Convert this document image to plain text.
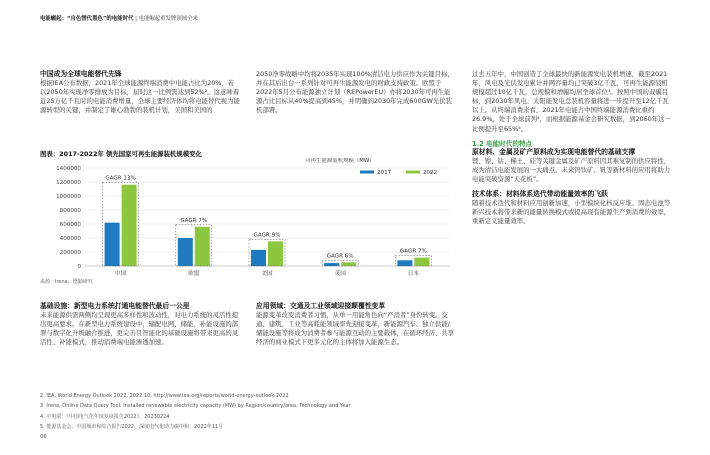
电能崛起：“自色替代黑色”的电能时代 | 电能崛起重发牌领域全来

中国成为全球电能替代先锋

根据IEA公布数据，2021年全球能源终端消费中电能占比为20%，若以2050年实现净零排放为目标，届时这一比例需达到52%²。这意味着近25万亿千瓦时的电能消费增量，全球主要经济体均将电能替代视为能源转型的关键，并制定了雄心勃勃的装机计划，美国和美国的

2050净零战略中均将2035年实现100%清洁电力供应作为关键目标，并在其后出台一系列针对可再生能源发电的财政支持政策。欧盟于2022年5月公布能源独立计划（REPowerEU）亦将2030年可再生能源占比目标从40%提高到45%，并明确到2030年完成600GW光伏装机部署。

过去五年中，中国创造了全球最快的新能源发电装机增速，截至2021年，风电及光伏发电累计并网容量均已突破3亿千瓦，可再生能源装机规模超过10亿千瓦，总规模和增幅均居全球首位³。按照中国的双碳目标，到2030年风电、太阳能发电总装机容量将进一步提升至12亿千瓦以上。从终端消费来看，2021年电能占中国终端能源消费比重约26.9%，处于全球前列⁴，而根据能源基金会研究数据，到2060年这一比例提升至65%⁵。

1.2 电能时代的特点

原材料、金属及矿产原料成为实现电能替代的基础支撑

锂、镍、钴、稀土、硅等关键金属及矿产原料因其难复制的供应特性，成为清洁电能发展的一大痛点。未来钨钛矿、钒等新材料的应用将助力电能突破资源“天花板”。

技术体系：材料体系迭代带动能量效率的飞跃

随着技术迭代和材料应用创新加速，小型模块化核反应堆、固态电池等新兴技术将带来新的能量转换模式或提高现有能源生产到消费的效率，重新定义能量效率。

图表：2017-2022年 领先国家可再生能源装机规模变化
0
200000
400000
600000
800000
1000000
1200000
1400000
可再生能源装机规模（MW）
2017	2022
GAGR 13%
中国
GAGR 7%
欧盟
GAGR 9%
美国
GAGR 6%
英国
GAGR 7%
日本
来源：Irena、德勤研究

基础设施：新型电力系统打通电能替代最后一公里

未来能源供需两侧均呈现更高多样性和波动性，对电力系统的灵活性提出更高要求。在新型电力系统建设中，输配电网、储能、补能设施的部署与数字化升级融合推进，更完善且智能化的基础设施将带来更高的灵活性、补能模式，推动消费端电能渗透加速。

应用领域：交通及工业领域迎接颠覆性变革

能源变革改变消费者习惯，从单一用能角色向“产消者”身份转变。交通、建筑、工业等高耗能领域率先迎接变革，新能源汽车、独立供能/储能设施等将成为消费者参与能源互动的主要载体，在循环经济、共享经济的商业模式下更多元化的主体将加入能源生态。

2. IEA, World Energy Outlook 2022, 2022.10, http://www.iea.org/reports/world-energy-outlook-2022
3. Irena, Online Data Query Tool: Installed renewable electricity capacity (MW) by Region/country/area, Technology and Year
4. 中电联：《中国电气化年度发展报告2022》，20230224
5. 能源基金会、中国城市和综合报告2022，深度电气化助力碳中和，2022年11月
06
